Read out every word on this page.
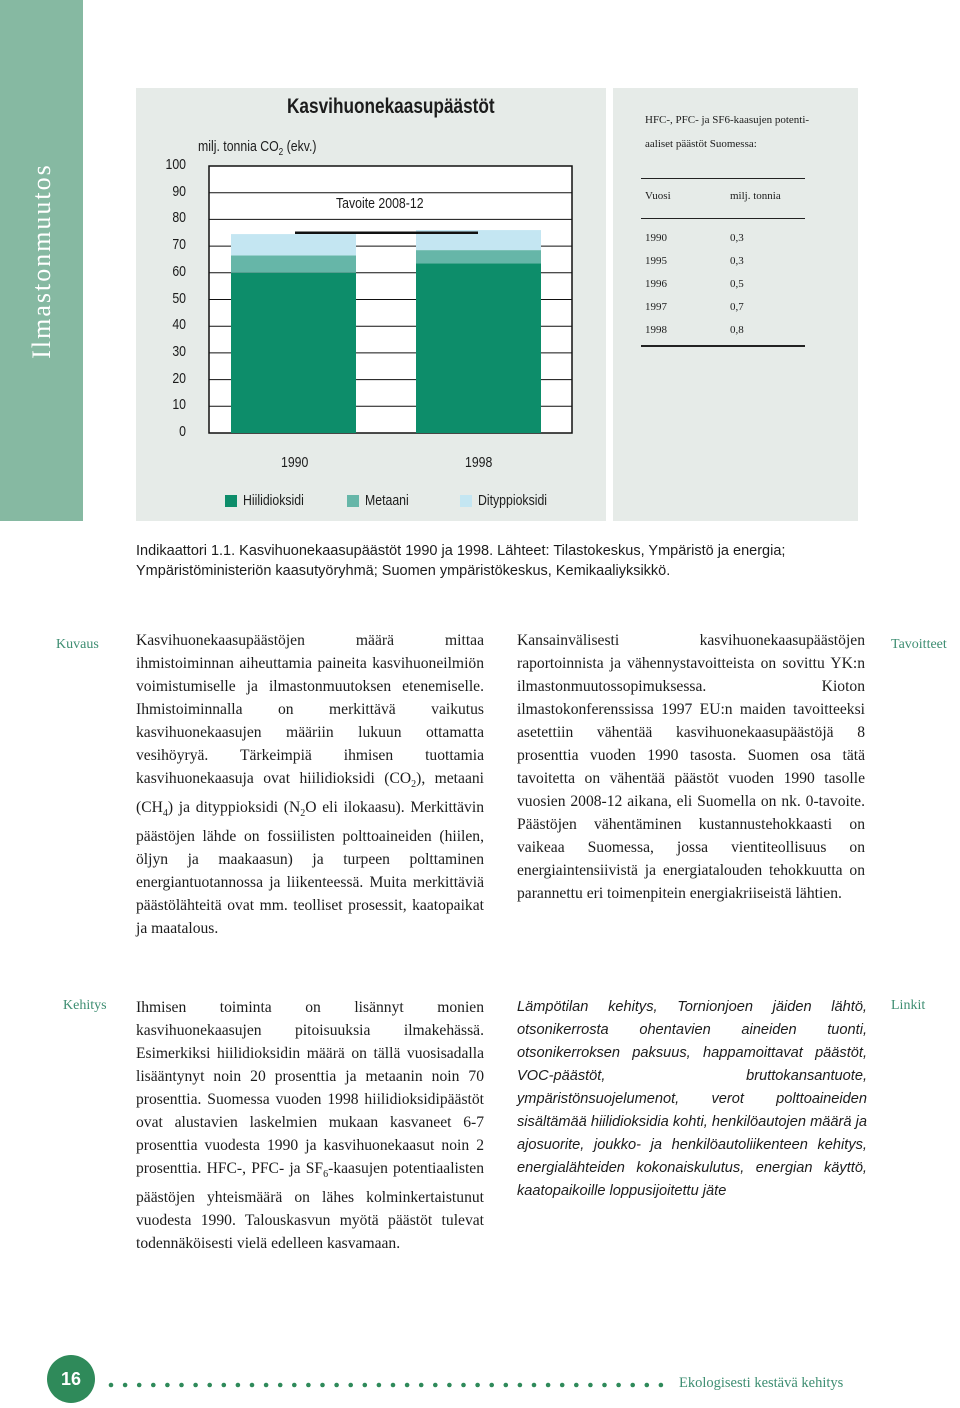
Ilmastonmuutos
Kasvihuonekaasupäästöt
milj. tonnia $CO_2$ (ekv.)
Tavoite 2008-12
100
90
80
70
60
50
40
30
20
10
0
1990	1998
Hiilidioksidi	Metaani	Dityppioksidi
HFC-, PFC- ja SF6-kaasujen potenti-
aaliset päästöt Suomessa:
Vuosi	milj. tonnia
1990	0,3
1995	0,3
1996	0,5
1997	0,7
1998	0,8
Indikaattori 1.1. Kasvihuonekaasupäästöt 1990 ja 1998. Lähteet: Tilastokeskus, Ympäristö ja energia;
Ympäristöministeriön kaasutyöryhmä; Suomen ympäristökeskus, Kemikaaliyksikkö.
Kuvaus	Tavoitteet
Kehitys	Linkit
Kasvihuonekaasupäästöjen määrä mittaa ihmistoiminnan aiheuttamia paineita kasvihuoneilmiön voimistumiselle ja ilmastonmuutoksen etenemiselle. Ihmistoiminnalla on merkittävä vaikutus kasvihuonekaasujen määriin lukuun ottamatta vesihöyryä. Tärkeimpiä ihmisen tuottamia kasvihuonekaasuja ovat hiilidioksidi $(CO_2)$, metaani $(CH_4)$ ja dityppioksidi ($N_2O$ eli ilokaasu). Merkittävin päästöjen lähde on fossiilisten polttoaineiden (hiilen, öljyn ja maakaasun) ja turpeen polttaminen energiantuotannossa ja liikenteessä. Muita merkittäviä päästölähteitä ovat mm. teolliset prosessit, kaatopaikat ja maatalous.
Kansainvälisesti kasvihuonekaasupäästöjen raportoinnista ja vähennystavoitteista on sovittu YK:n ilmastonmuutossopimuksessa. Kioton ilmastokonferenssissa 1997 EU:n maiden tavoitteeksi asetettiin vähentää kasvihuonekaasupäästöjä 8 prosenttia vuoden 1990 tasosta. Suomen osa tätä tavoitetta on vähentää päästöt vuoden 1990 tasolle vuosien 2008-12 aikana, eli Suomella on nk. 0-tavoite. Päästöjen vähentäminen kustannustehokkaasti on vaikeaa Suomessa, jossa vientiteollisuus on energiaintensiivistä ja energiatalouden tehokkuutta on parannettu eri toimenpitein energiakriiseistä lähtien.
Ihmisen toiminta on lisännyt monien kasvihuonekaasujen pitoisuuksia ilmakehässä. Esimerkiksi hiilidioksidin määrä on tällä vuosisadalla lisääntynyt noin 20 prosenttia ja metaanin noin 70 prosenttia. Suomessa vuoden 1998 hiilidioksidipäästöt ovat alustavien laskelmien mukaan kasvaneet 6-7 prosenttia vuodesta 1990 ja kasvihuonekaasut noin 2 prosenttia. HFC-, PFC- ja $SF_6$-kaasujen potentiaalisten päästöjen yhteismäärä on lähes kolminkertaistunut vuodesta 1990. Talouskasvun myötä päästöt tulevat todennäköisesti vielä edelleen kasvamaan.
Lämpötilan kehitys, Tornionjoen jäiden lähtö, otsonikerrosta ohentavien aineiden tuonti, otsonikerroksen paksuus, happamoittavat päästöt, VOC-päästöt, bruttokansantuote, ympäristönsuojelumenot, verot polttoaineiden sisältämää hiilidioksidia kohti, henkilöautojen määrä ja ajosuorite, joukko- ja henkilöautoliikenteen kehitys, energialähteiden kokonaiskulutus, energian käyttö, kaatopaikoille loppusijoitettu jäte
16	Ekologisesti kestävä kehitys
